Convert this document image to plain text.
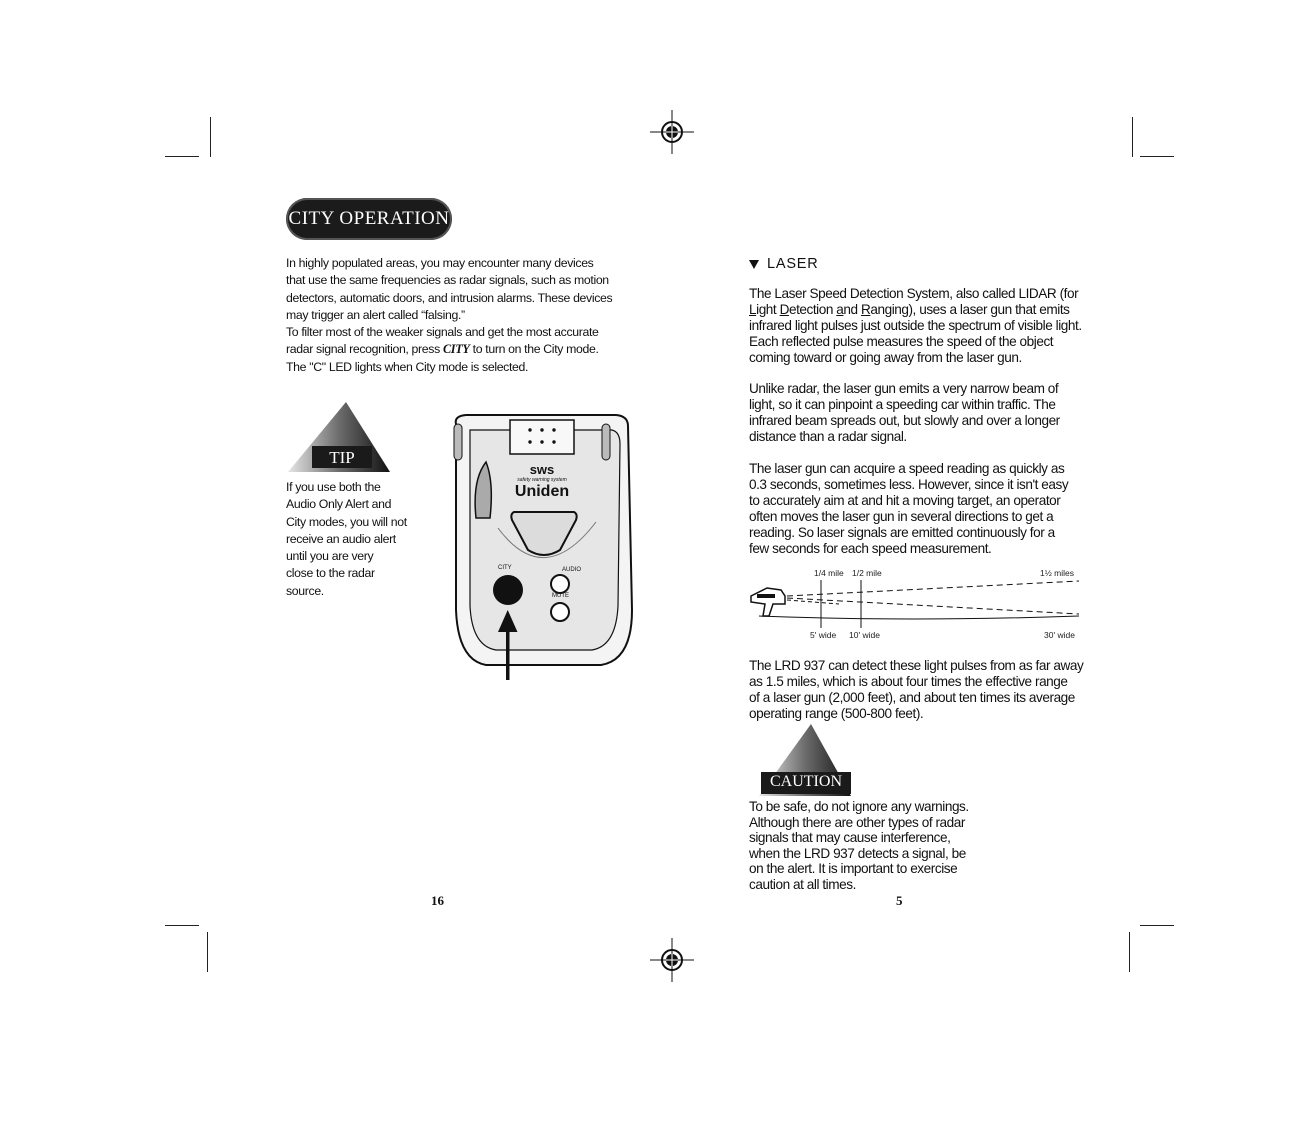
CITY OPERATION

In highly populated areas, you may encounter many devices

that use the same frequencies as radar signals, such as motion

detectors, automatic doors, and intrusion alarms. These devices

may trigger an alert called “falsing.”

To filter most of the weaker signals and get the most accurate

radar signal recognition, press CITY to turn on the City mode.

The "C" LED lights when City mode is selected.

TIP

If you use both the

Audio Only Alert and

City modes, you will not

receive an audio alert

until you are very

close to the radar

source.

sws
safety warning system
Uniden
CITY	AUDIO
MUTE
16
LASER

The Laser Speed Detection System, also called LIDAR (for

Light Detection and Ranging), uses a laser gun that emits

infrared light pulses just outside the spectrum of visible light.

Each reflected pulse measures the speed of the object

coming toward or going away from the laser gun.

Unlike radar, the laser gun emits a very narrow beam of

light, so it can pinpoint a speeding car within traffic. The

infrared beam spreads out, but slowly and over a longer

distance than a radar signal.

The laser gun can acquire a speed reading as quickly as

0.3 seconds, sometimes less. However, since it isn't easy

to accurately aim at and hit a moving target, an operator

often moves the laser gun in several directions to get a

reading. So laser signals are emitted continuously for a

few seconds for each speed measurement.

1/4 mile 1/2 mile	1½ miles
5' wide 10' wide	30' wide

The LRD 937 can detect these light pulses from as far away

as 1.5 miles, which is about four times the effective range

of a laser gun (2,000 feet), and about ten times its average

operating range (500-800 feet).

CAUTION

To be safe, do not ignore any warnings.

Although there are other types of radar

signals that may cause interference,

when the LRD 937 detects a signal, be

on the alert. It is important to exercise

caution at all times.

5
